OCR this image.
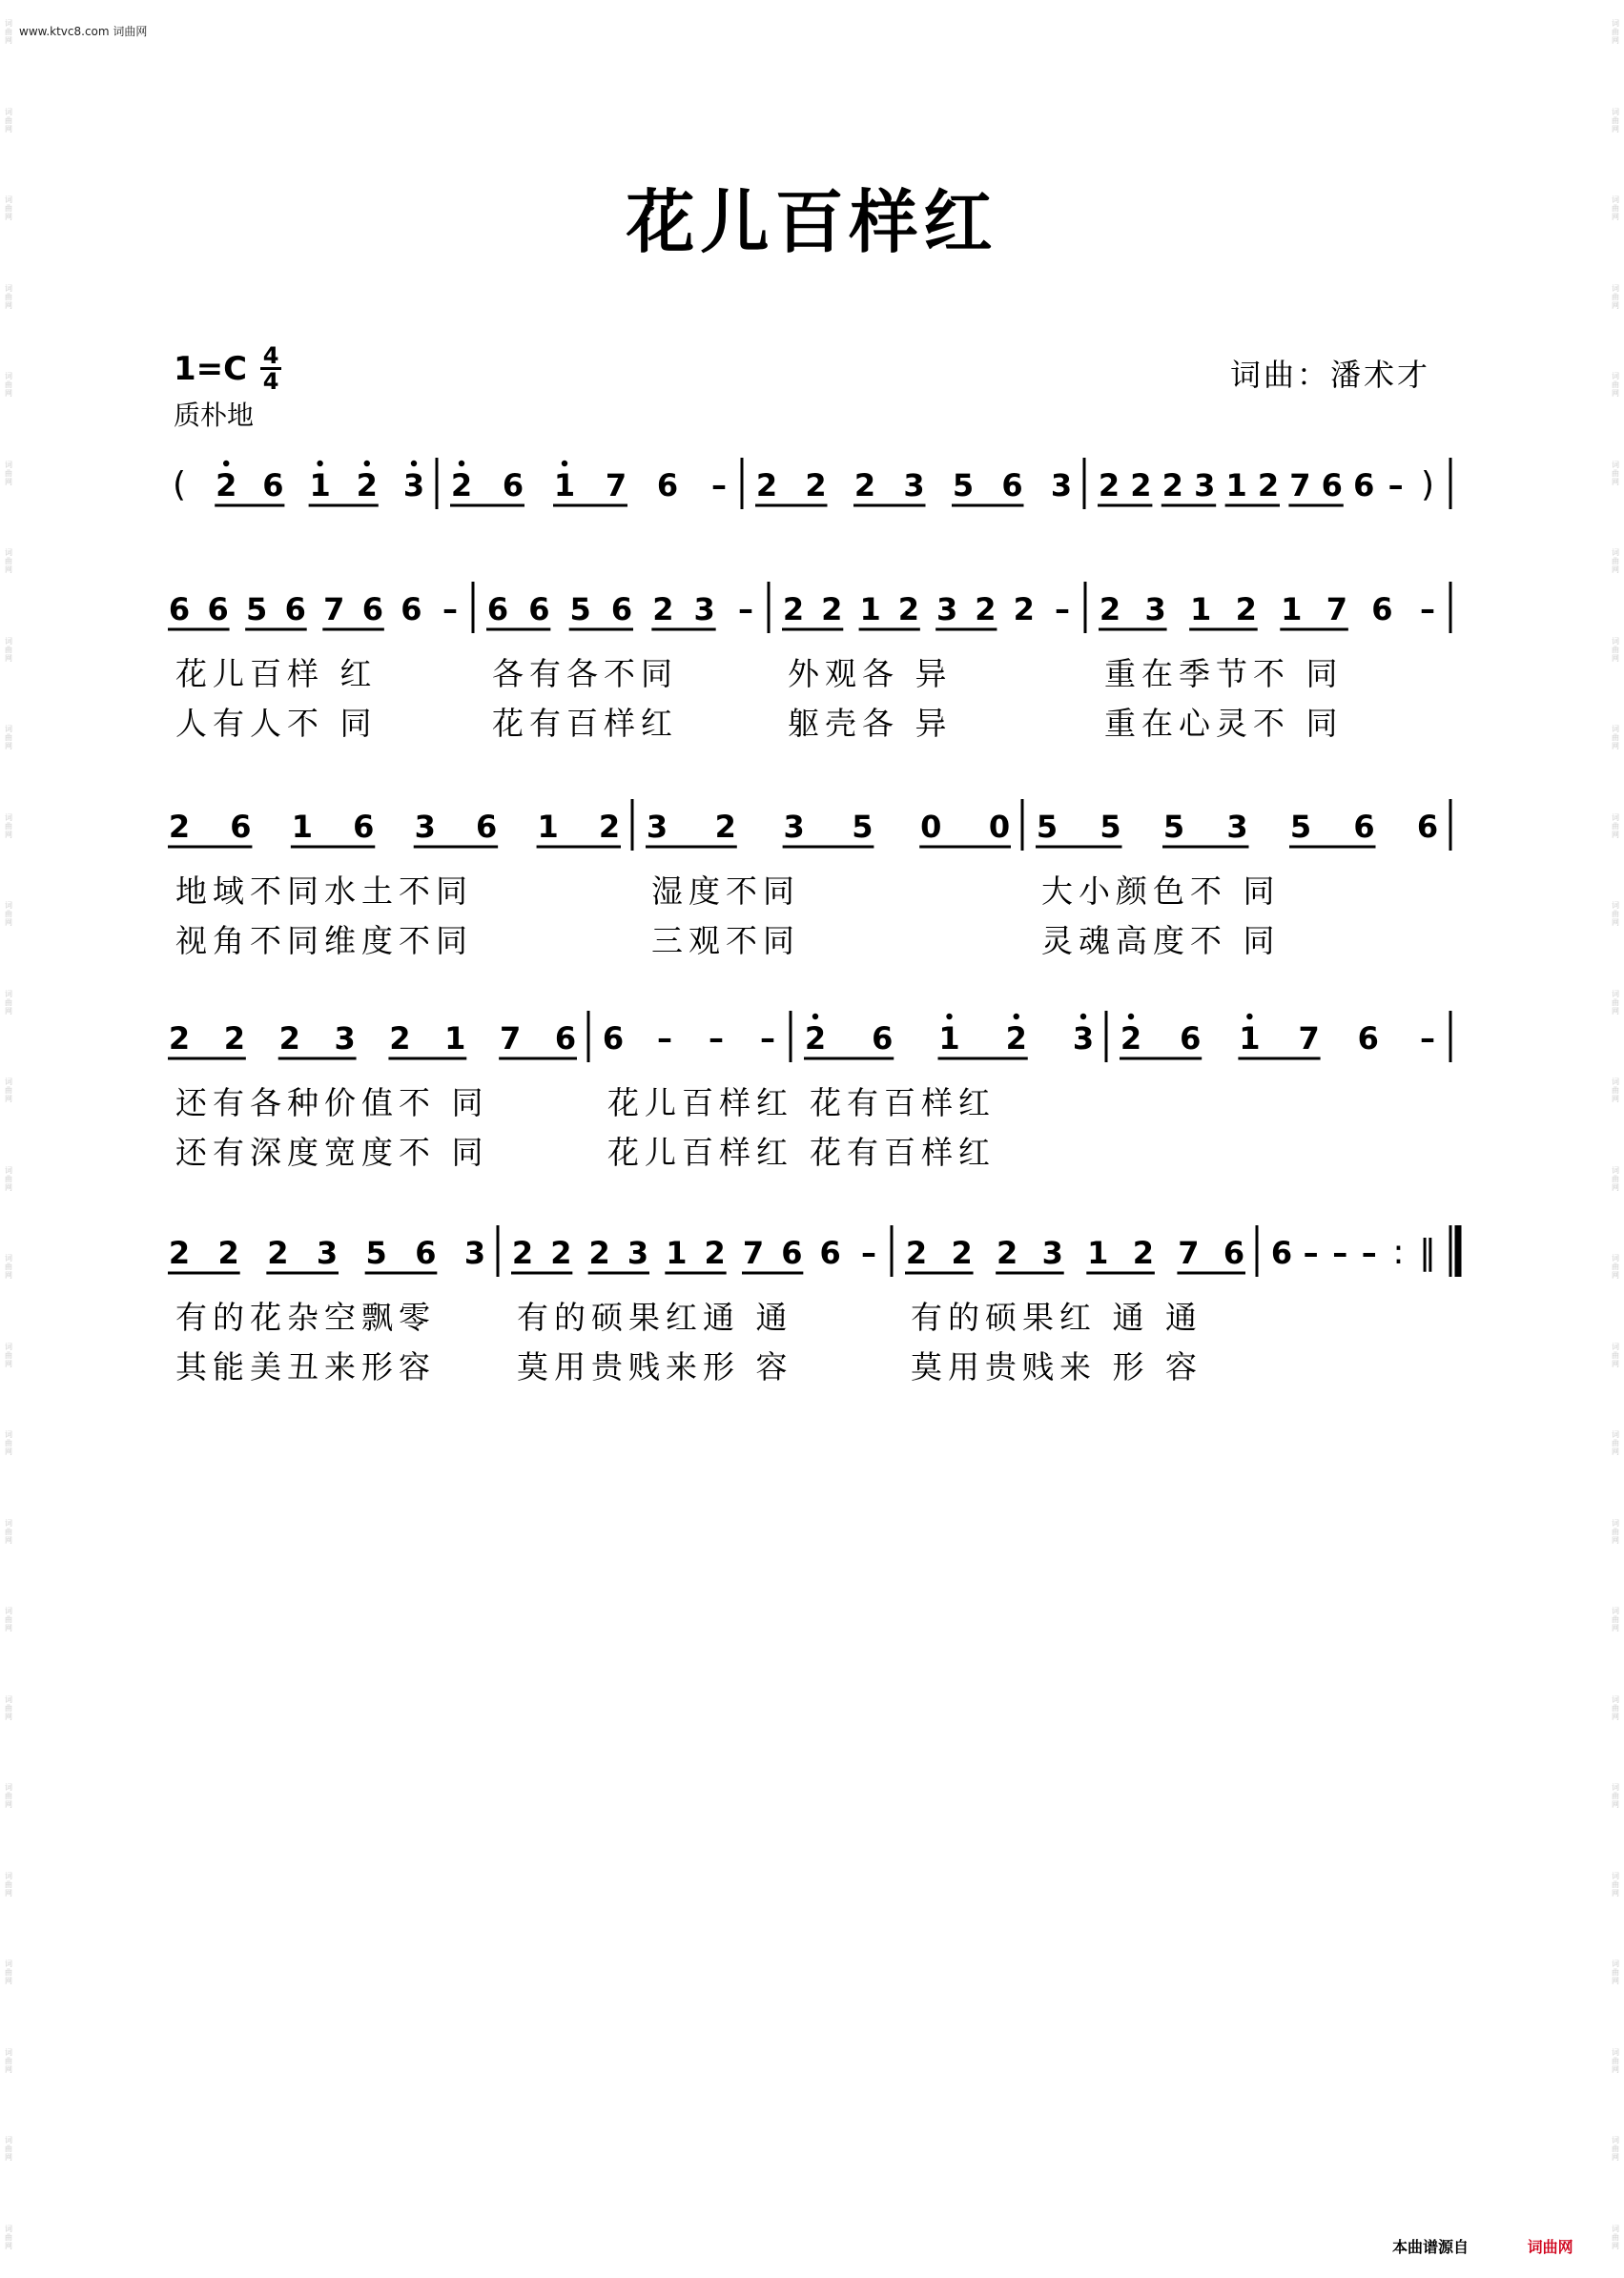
词
曲
网
词
曲
网
词
曲
网
词
曲
网
词
曲
网
词
曲
网
词
曲
网
词
曲
网
词
曲
网
词
曲
网
词
曲
网
词
曲
网
词
曲
网
词
曲
网
词
曲
网
词
曲
网
词
曲
网
词
曲
网
词
曲
网
词
曲
网
词
曲
网
词
曲
网
词
曲
网
词
曲
网
词
曲
网
词
曲
网
词
曲
网
词
曲
网
词
曲
网
词
曲
网
词
曲
网
词
曲
网
词
曲
网
词
曲
网
词
曲
网
词
曲
网
词
曲
网
词
曲
网
词
曲
网
词
曲
网
词
曲
网
词
曲
网
词
曲
网
词
曲
网
词
曲
网
词
曲
网
词
曲
网
词
曲
网
词
曲
网
词
曲
网
词
曲
网
词
曲
网
www.ktvc8.com 词曲网
花儿百样红
1=C 4
4
质朴地
词曲：潘术才
( 2 6 1 2 3 2 6 1 7 6 – 2 2 2 3 5 6 3 2 2 2 3 1 2 7 6 6 – )
6 6 5 6 7 6 6 – 6 6 5 6 2 3 – 2 2 1 2 3 2 2 – 2 3 1 2 1 7 6 –
花儿百样 红	各有各不同	外观各 异	重在季节不 同
人有人不 同	花有百样红	躯壳各 异	重在心灵不 同
2 6 1 6 3 6 1 2 3 2 3 5 0 0 5 5 5 3 5 6 6
地域不同水土不同	湿度不同	大小颜色不 同
视角不同维度不同	三观不同	灵魂高度不 同
2 2 2 3 2 1 7 6 6 – – – 2 6 1 2 3 2 6 1 7 6 –
还有各种价值不 同	花儿百样红 花有百样红
还有深度宽度不 同	花儿百样红 花有百样红
2 2 2 3 5 6 3 2 2 2 3 1 2 7 6 6 – 2 2 2 3 1 2 7 6 6 – – – : ‖
有的花杂空飘零	有的硕果红通 通	有的硕果红 通 通
其能美丑来形容	莫用贵贱来形 容	莫用贵贱来 形 容
本曲谱源自	词曲网
